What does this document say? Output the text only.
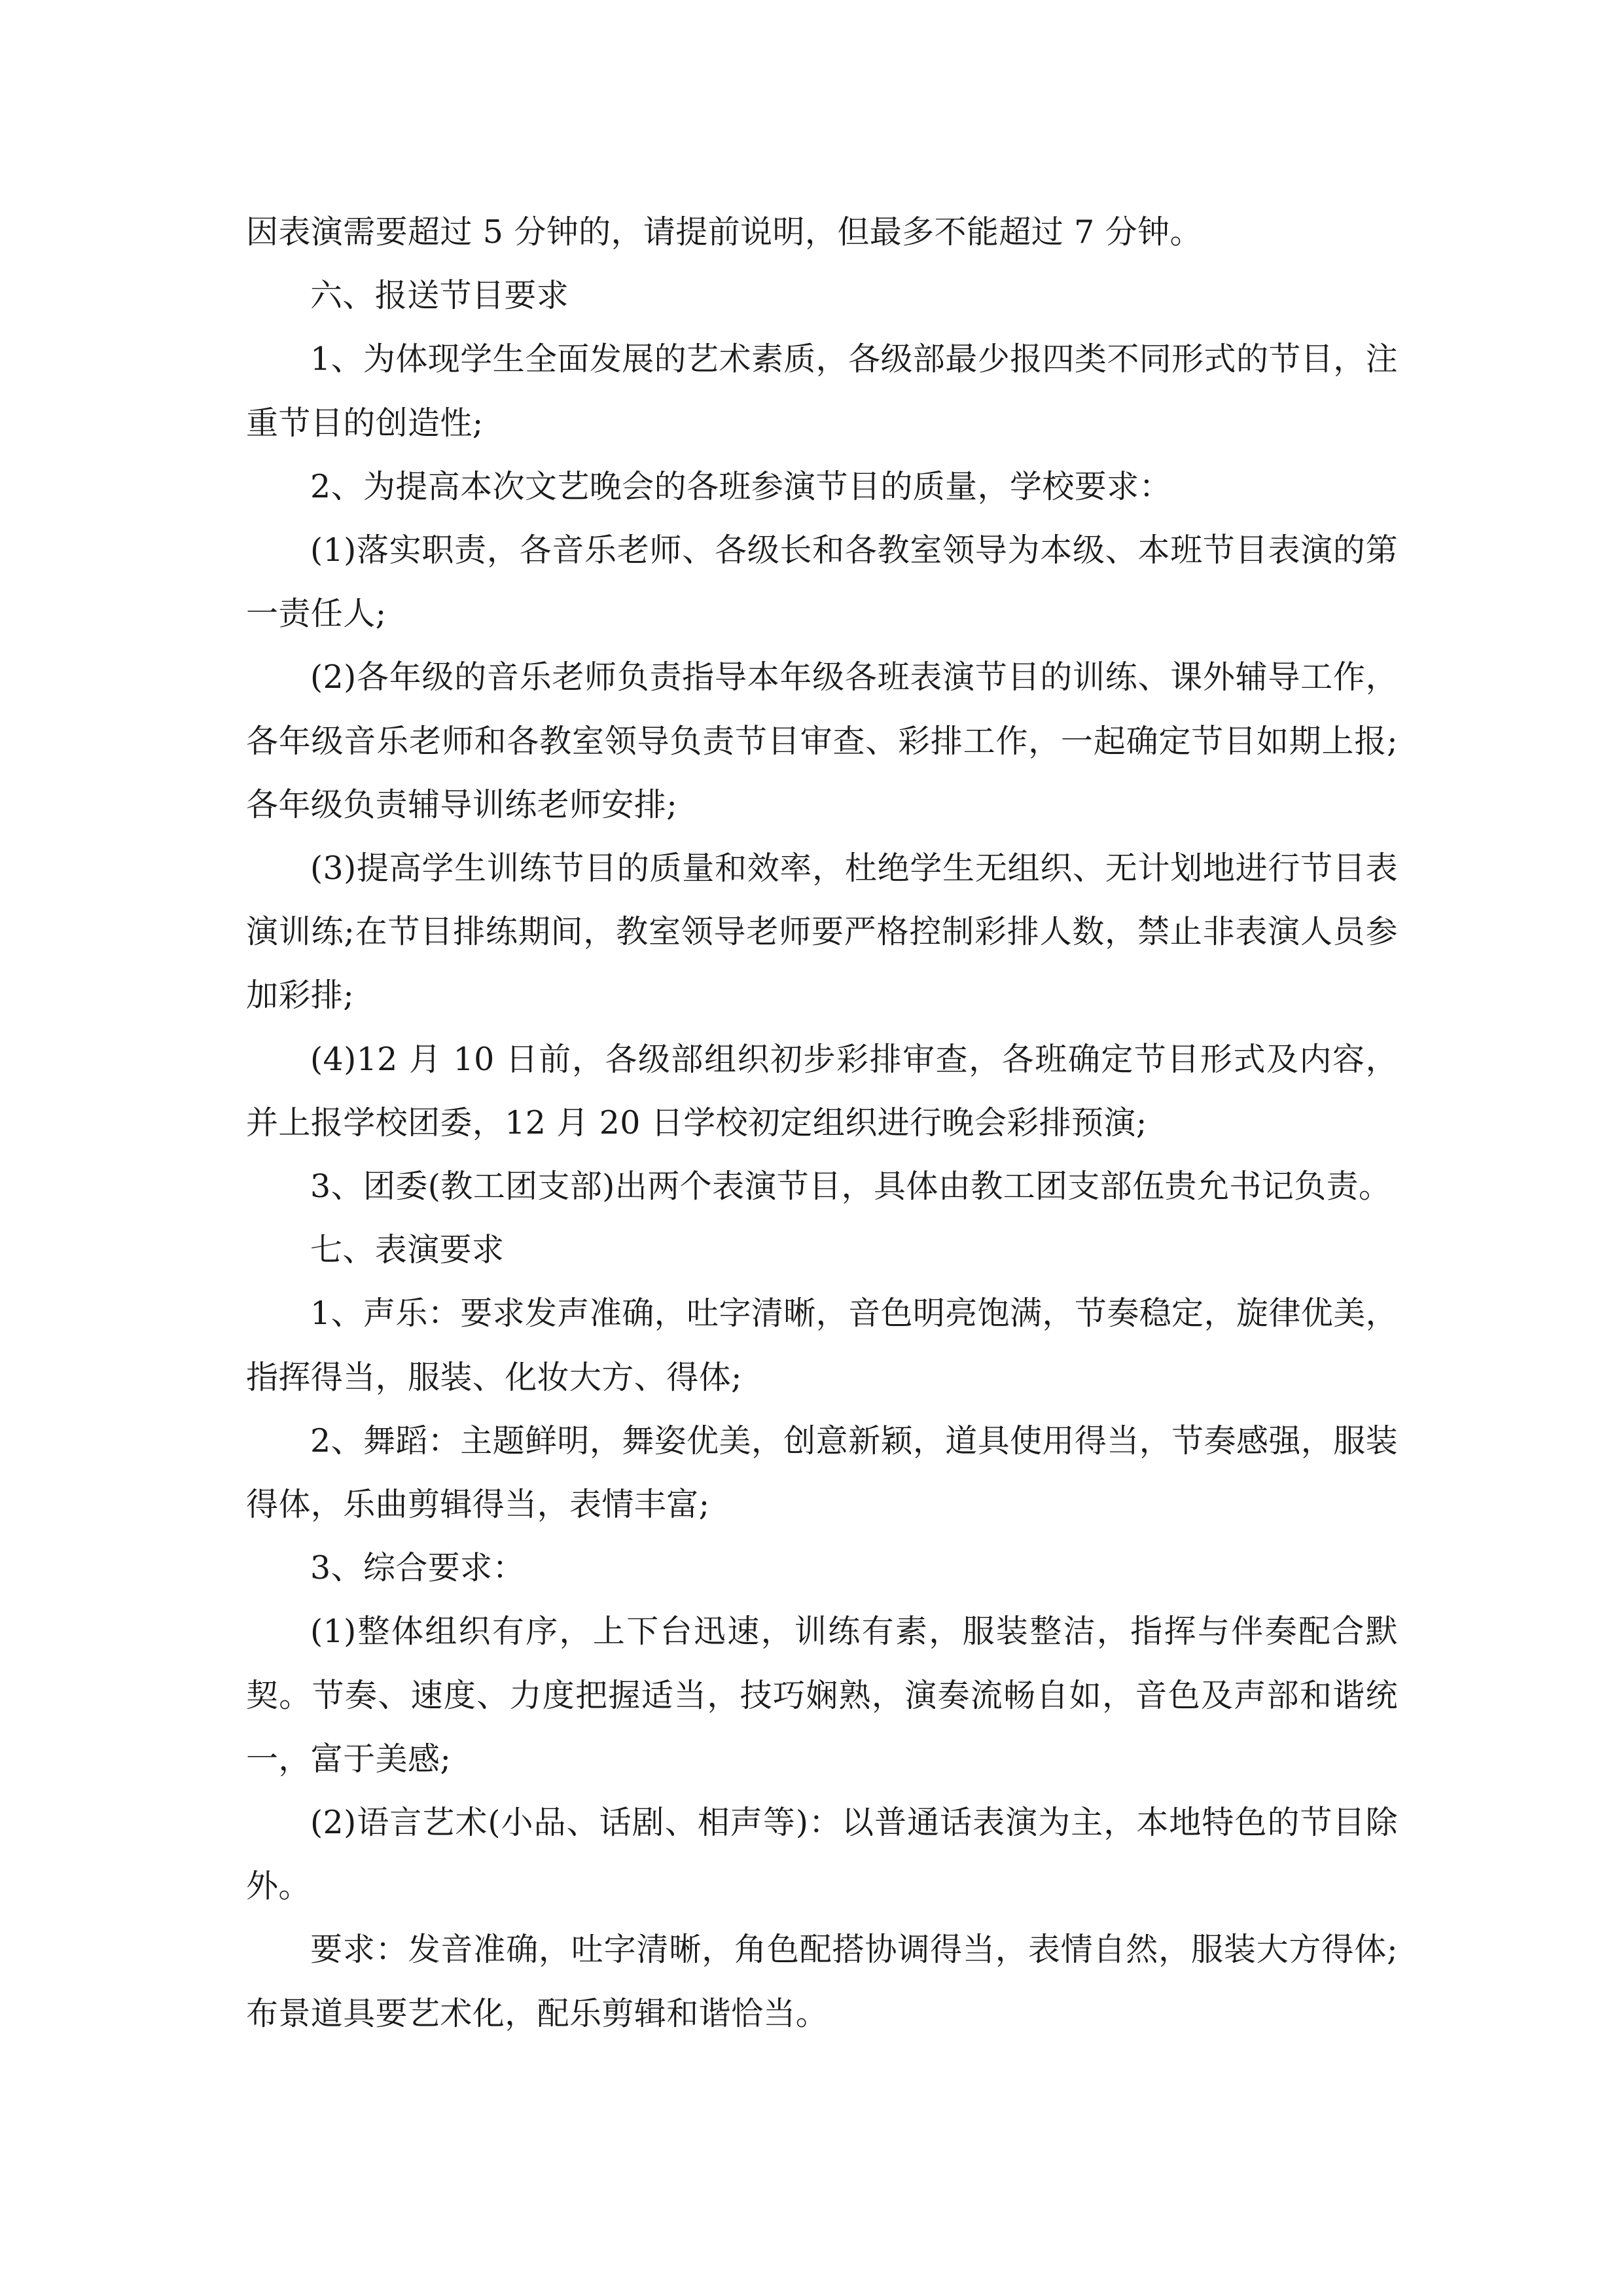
因表演需要超过 5 分钟的，请提前说明，但最多不能超过 7 分钟。

六、报送节目要求

1、为体现学生全面发展的艺术素质，各级部最少报四类不同形式的节目，注重节目的创造性;

2、为提高本次文艺晚会的各班参演节目的质量，学校要求：

(1)落实职责，各音乐老师、各级长和各教室领导为本级、本班节目表演的第一责任人;

(2)各年级的音乐老师负责指导本年级各班表演节目的训练、课外辅导工作，各年级音乐老师和各教室领导负责节目审查、彩排工作，一起确定节目如期上报;各年级负责辅导训练老师安排;

(3)提高学生训练节目的质量和效率，杜绝学生无组织、无计划地进行节目表演训练;在节目排练期间，教室领导老师要严格控制彩排人数，禁止非表演人员参加彩排;

(4)12 月 10 日前，各级部组织初步彩排审查，各班确定节目形式及内容，并上报学校团委，12 月 20 日学校初定组织进行晚会彩排预演;

3、团委(教工团支部)出两个表演节目，具体由教工团支部伍贵允书记负责。

七、表演要求

1、声乐：要求发声准确，吐字清晰，音色明亮饱满，节奏稳定，旋律优美，指挥得当，服装、化妆大方、得体;

2、舞蹈：主题鲜明，舞姿优美，创意新颖，道具使用得当，节奏感强，服装得体，乐曲剪辑得当，表情丰富;

3、综合要求：

(1)整体组织有序，上下台迅速，训练有素，服装整洁，指挥与伴奏配合默契。节奏、速度、力度把握适当，技巧娴熟，演奏流畅自如，音色及声部和谐统一，富于美感;

(2)语言艺术(小品、话剧、相声等)：以普通话表演为主，本地特色的节目除外。

要求：发音准确，吐字清晰，角色配搭协调得当，表情自然，服装大方得体;布景道具要艺术化，配乐剪辑和谐恰当。
